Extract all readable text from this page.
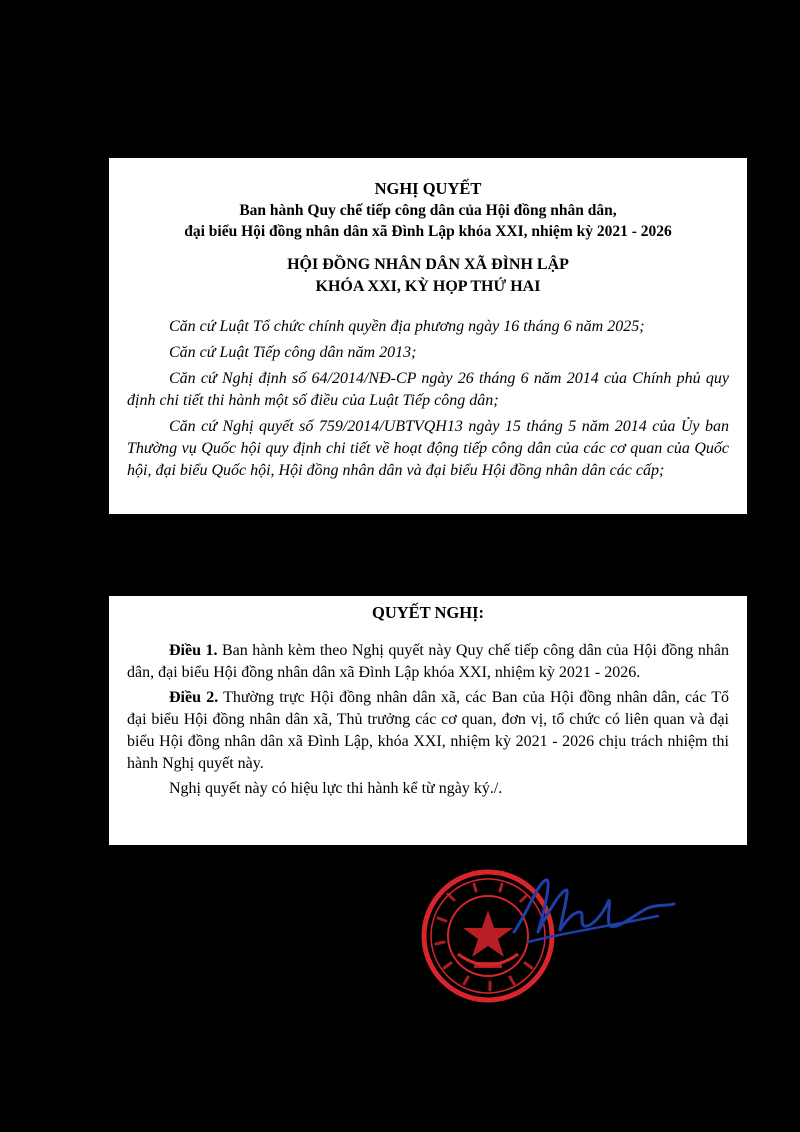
NGHỊ QUYẾT

Ban hành Quy chế tiếp công dân của Hội đồng nhân dân,

đại biểu Hội đồng nhân dân xã Đình Lập khóa XXI, nhiệm kỳ 2021 - 2026

HỘI ĐỒNG NHÂN DÂN XÃ ĐÌNH LẬP

KHÓA XXI, KỲ HỌP THỨ HAI

Căn cứ Luật Tổ chức chính quyền địa phương ngày 16 tháng 6 năm 2025;

Căn cứ Luật Tiếp công dân năm 2013;

Căn cứ Nghị định số 64/2014/NĐ-CP ngày 26 tháng 6 năm 2014 của Chính phủ quy định chi tiết thi hành một số điều của Luật Tiếp công dân;

Căn cứ Nghị quyết số 759/2014/UBTVQH13 ngày 15 tháng 5 năm 2014 của Ủy ban Thường vụ Quốc hội quy định chi tiết về hoạt động tiếp công dân của các cơ quan của Quốc hội, đại biểu Quốc hội, Hội đồng nhân dân và đại biểu Hội đồng nhân dân các cấp;

QUYẾT NGHỊ:

Điều 1. Ban hành kèm theo Nghị quyết này Quy chế tiếp công dân của Hội đồng nhân dân, đại biểu Hội đồng nhân dân xã Đình Lập khóa XXI, nhiệm kỳ 2021 - 2026.

Điều 2. Thường trực Hội đồng nhân dân xã, các Ban của Hội đồng nhân dân, các Tổ đại biểu Hội đồng nhân dân xã, Thủ trưởng các cơ quan, đơn vị, tổ chức có liên quan và đại biểu Hội đồng nhân dân xã Đình Lập, khóa XXI, nhiệm kỳ 2021 - 2026 chịu trách nhiệm thi hành Nghị quyết này.

Nghị quyết này có hiệu lực thi hành kể từ ngày ký./.
